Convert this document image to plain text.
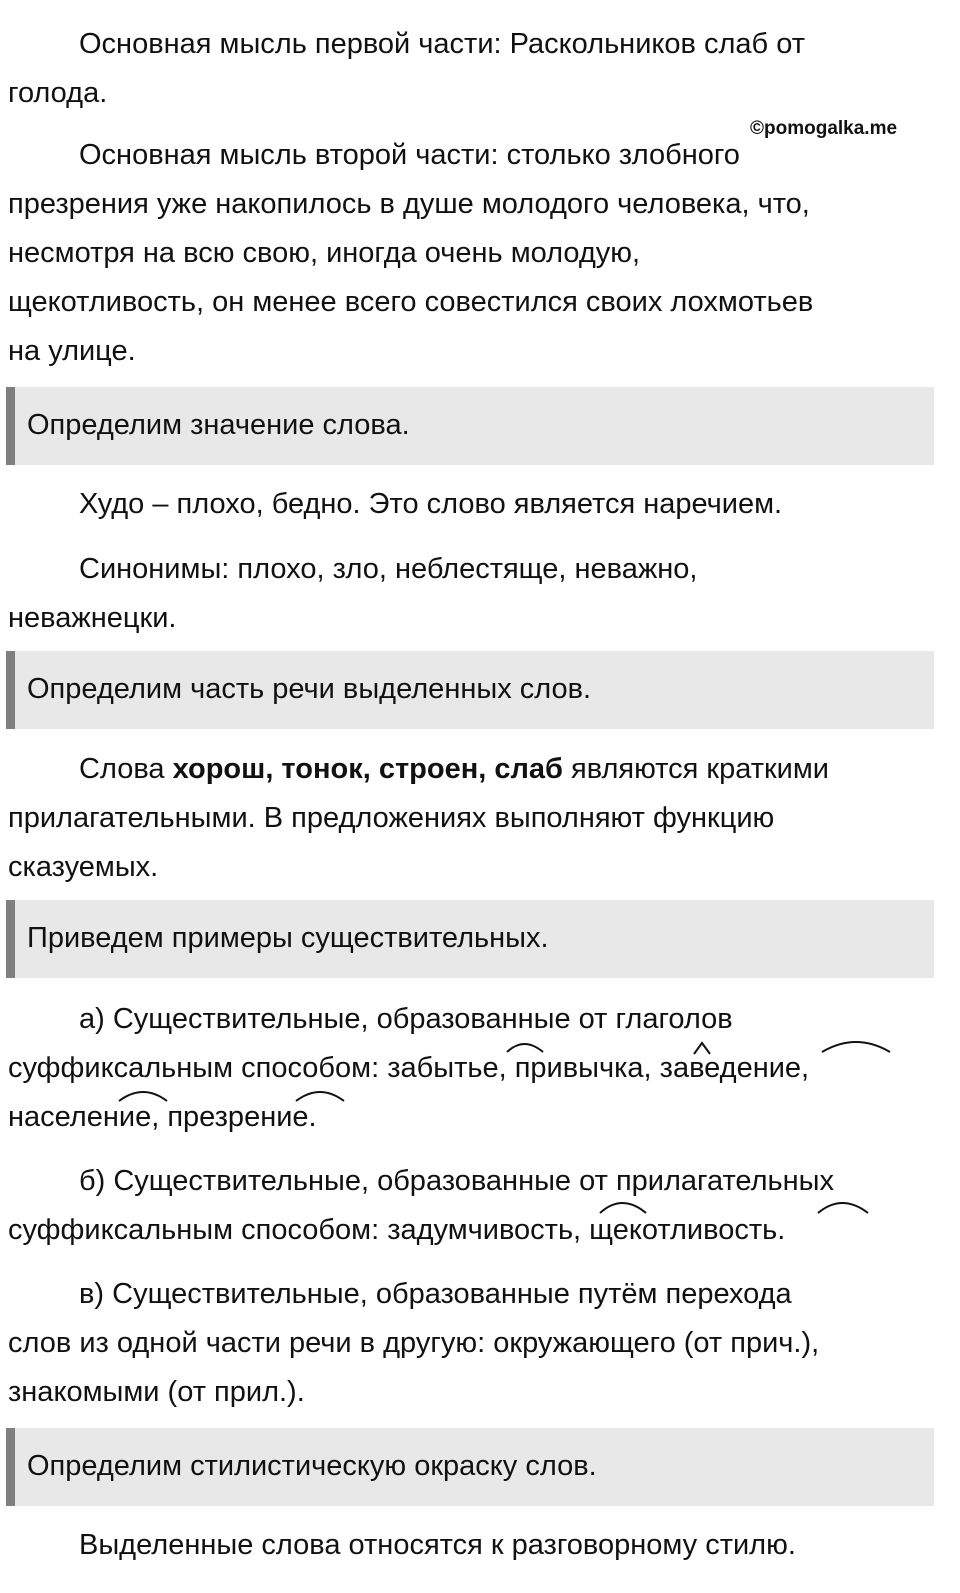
©pomogalka.me
Основная мысль первой части: Раскольников слаб от
голода.
Основная мысль второй части: столько злобного
презрения уже накопилось в душе молодого человека, что,
несмотря на всю свою, иногда очень молодую,
щекотливость, он менее всего совестился своих лохмотьев
на улице.
Определим значение слова.
Худо – плохо, бедно. Это слово является наречием.
Синонимы: плохо, зло, неблестяще, неважно,
неважнецки.
Определим часть речи выделенных слов.
Слова хорош, тонок, строен, слаб являются краткими
прилагательными. В предложениях выполняют функцию
сказуемых.
Приведем примеры существительных.
а) Существительные, образованные от глаголов
суффиксальным способом: забытье, привычка, заведение,
население, презрение.
б) Существительные, образованные от прилагательных
суффиксальным способом: задумчивость, щекотливость.
в) Существительные, образованные путём перехода
слов из одной части речи в другую: окружающего (от прич.),
знакомыми (от прил.).
Определим стилистическую окраску слов.
Выделенные слова относятся к разговорному стилю.
